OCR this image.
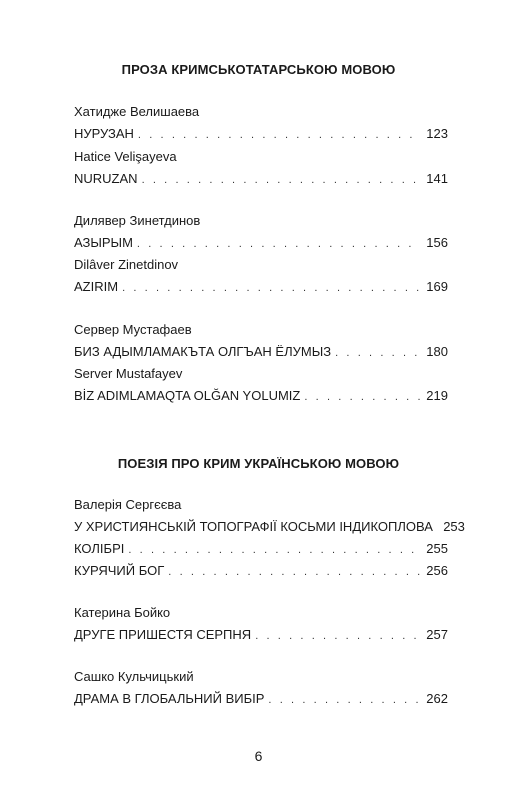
ПРОЗА КРИМСЬКОТАТАРСЬКОЮ МОВОЮ
Хатидже Велишаева
НУРУЗАН . . .	123
Hatice Velişayeva
NURUZAN . . .	141
Дилявер Зинетдинов
АЗЫРЫМ . . .	156
Dilâver Zinetdinov
AZIRIM . . .	169
Сервер Мустафаев
БИЗ АДЫМЛАМАКЪТА ОЛГЪАН ЁЛУМЫЗ . . .	180
Server Mustafayev
BİZ ADIMLAMAQTA OLĞAN YOLUMIZ . . .	219
ПОЕЗІЯ ПРО КРИМ УКРАЇНСЬКОЮ МОВОЮ
Валерія Сергєєва
У ХРИСТИЯНСЬКІЙ ТОПОГРАФІЇ КОСЬМИ ІНДИКОПЛОВА 253
КОЛІБРІ . . .	255
КУРЯЧИЙ БОГ . . .	256
Катерина Бойко
ДРУГЕ ПРИШЕСТЯ СЕРПНЯ . . .	257
Сашко Кульчицький
ДРАМА В ГЛОБАЛЬНИЙ ВИБІР . . .	262
6
